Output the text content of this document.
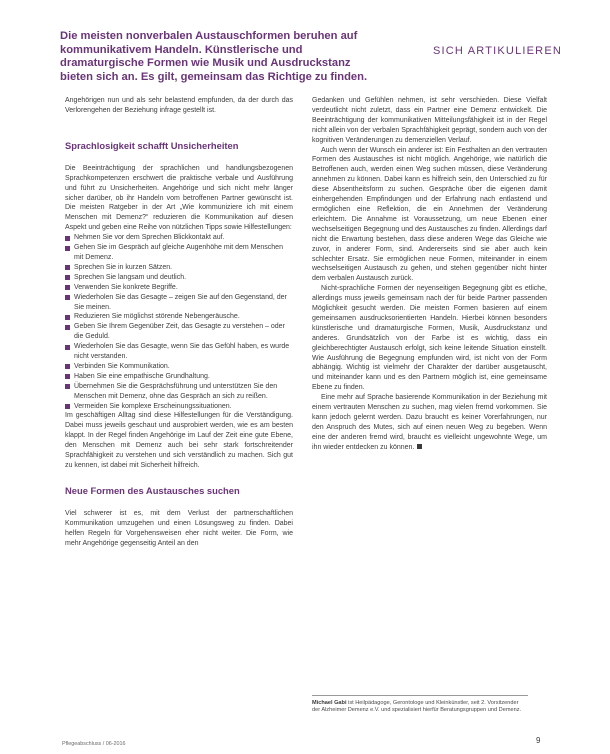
Die meisten nonverbalen Austauschformen beruhen auf kommunikativem Handeln. Künstlerische und dramaturgische Formen wie Musik und Ausdruckstanz bieten sich an. Es gilt, gemeinsam das Richtige zu finden.
SICH ARTIKULIEREN

Angehörigen nun und als sehr belastend empfunden, da der durch das Verlorengehen der Beziehung infrage gestellt ist.

Sprachlosigkeit schafft Unsicherheiten

Die Beeinträchtigung der sprachlichen und handlungsbezogenen Sprachkompetenzen erschwert die praktische verbale und Ausführung und führt zu Unsicherheiten. Angehörige und sich nicht mehr länger sicher darüber, ob ihr Handeln vom betroffenen Partner gewünscht ist. Die meisten Ratgeber in der Art „Wie kommuniziere ich mit einem Menschen mit Demenz?“ reduzieren die Kommunikation auf diesen Aspekt und geben eine Reihe von nützlichen Tipps sowie Hilfestellungen:

Nehmen Sie vor dem Sprechen Blickkontakt auf.
Gehen Sie im Gespräch auf gleiche Augenhöhe mit dem Menschen mit Demenz.
Sprechen Sie in kurzen Sätzen.
Sprechen Sie langsam und deutlich.
Verwenden Sie konkrete Begriffe.
Wiederholen Sie das Gesagte – zeigen Sie auf den Gegenstand, der Sie meinen.
Reduzieren Sie möglichst störende Nebengeräusche.
Geben Sie Ihrem Gegenüber Zeit, das Gesagte zu verstehen – oder die Geduld.
Wiederholen Sie das Gesagte, wenn Sie das Gefühl haben, es wurde nicht verstanden.
Verbinden Sie Kommunikation.
Haben Sie eine empathische Grundhaltung.
Übernehmen Sie die Gesprächsführung und unterstützen Sie den Menschen mit Demenz, ohne das Gespräch an sich zu reißen.
Vermeiden Sie komplexe Erscheinungssituationen.

Im geschäftigen Alltag sind diese Hilfestellungen für die Verständigung. Dabei muss jeweils geschaut und ausprobiert werden, wie es am besten klappt. In der Regel finden Angehörige im Lauf der Zeit eine gute Ebene, den Menschen mit Demenz auch bei sehr stark fortschreitender Sprachfähigkeit zu verstehen und sich verständlich zu machen. Sich gut zu kennen, ist dabei mit Sicherheit hilfreich.

Neue Formen des Austausches suchen

Viel schwerer ist es, mit dem Verlust der partnerschaftlichen Kommunikation umzugehen und einen Lösungsweg zu finden. Dabei helfen Regeln für Vorgehensweisen eher nicht weiter. Die Form, wie mehr Angehörige gegenseitig Anteil an den

Gedanken und Gefühlen nehmen, ist sehr verschieden. Diese Vielfalt verdeutlicht nicht zuletzt, dass ein Partner eine Demenz entwickelt. Die Beeinträchtigung der kommunikativen Mitteilungsfähigkeit ist in der Regel nicht allein von der verbalen Sprachfähigkeit geprägt, sondern auch von der kognitiven Veränderungen zu demenziellen Verlauf.

Auch wenn der Wunsch ein anderer ist: Ein Festhalten an den vertrauten Formen des Austausches ist nicht möglich. Angehörige, wie natürlich die Betroffenen auch, werden einen Weg suchen müssen, diese Veränderung annehmen zu können. Dabei kann es hilfreich sein, den Unterschied zu für diese Absentheitsform zu suchen. Gespräche über die eigenen damit einhergehenden Empfindungen und der Erfahrung nach entlastend und ermöglichen eine Reflektion, die ein Annehmen der Veränderung erleichtern. Die Annahme ist Voraussetzung, um neue Ebenen einer wechselseitigen Begegnung und des Austausches zu finden. Allerdings darf nicht die Erwartung bestehen, dass diese anderen Wege das Gleiche wie zuvor, in anderer Form, sind. Andererseits sind sie aber auch kein schlechter Ersatz. Sie ermöglichen neue Formen, miteinander in einem wechselseitigen Austausch zu gehen, und stehen gegenüber nicht hinter dem verbalen Austausch zurück.

Nicht-sprachliche Formen der neyenseitigen Begegnung gibt es etliche, allerdings muss jeweils gemeinsam nach der für beide Partner passenden Möglichkeit gesucht werden. Die meisten Formen basieren auf einem gemeinsamen ausdrucksorientierten Handeln. Hierbei können besonders künstlerische und dramaturgische Formen, Musik, Ausdruckstanz und anderes. Grundsätzlich von der Farbe ist es wichtig, dass ein gleichberechtigter Austausch erfolgt, sich keine leitende Situation einstellt. Wie Ausführung die Begegnung empfunden wird, ist nicht von der Form abhängig. Wichtig ist vielmehr der Charakter der darüber ausgetauscht, und miteinander kann und es den Partnern möglich ist, eine gemeinsame Ebene zu finden.

Eine mehr auf Sprache basierende Kommunikation in der Beziehung mit einem vertrauten Menschen zu suchen, mag vielen fremd vorkommen. Sie kann jedoch gelernt werden. Dazu braucht es keiner Vorerfahrungen, nur den Anspruch des Mutes, sich auf einen neuen Weg zu begeben. Wenn eine der anderen fremd wird, braucht es vielleicht ungewohnte Wege, um ihn wieder entdecken zu können.

Michael Gabi ist Heilpädagoge, Gerontologe und Kleinkünstler, seit 2. Vorsitzender der Alzheimer Demenz e.V. und spezialisiert hierfür Beratungsgruppen und Demenz.
Pflegeabschluss / 06-2016	9
